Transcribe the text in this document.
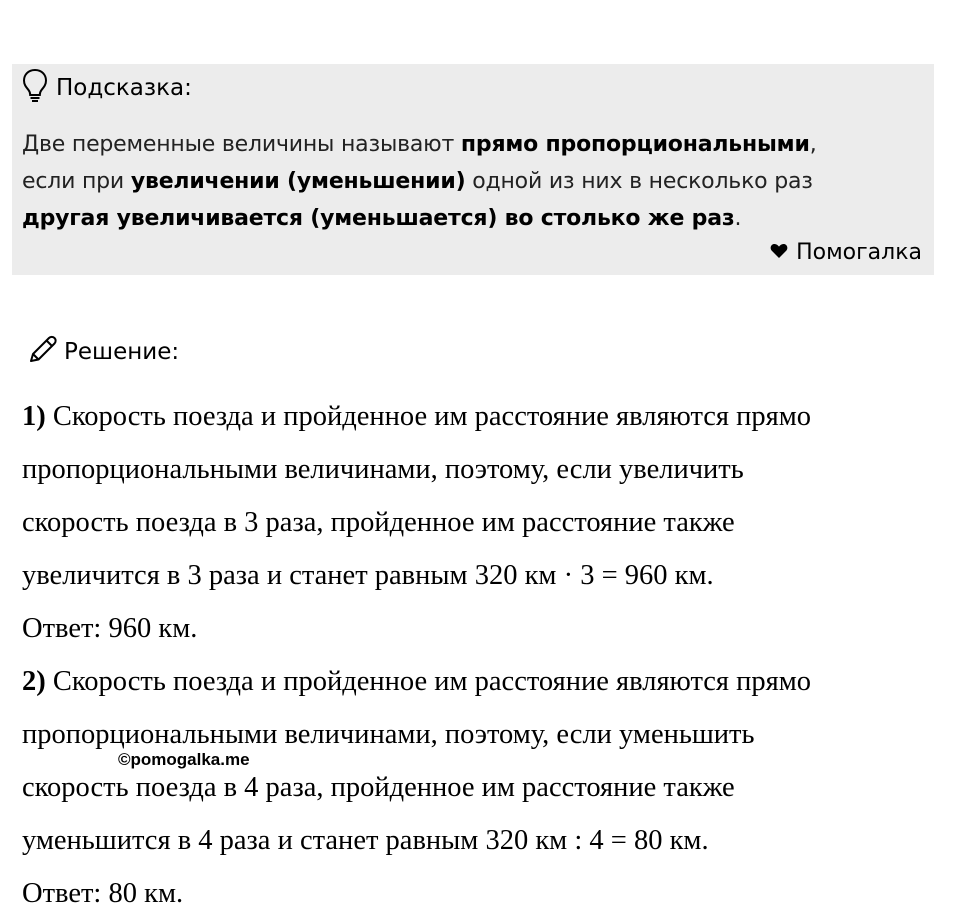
Подсказка:
Две переменные величины называют прямо пропорциональными,
если при увеличении (уменьшении) одной из них в несколько раз
другая увеличивается (уменьшается) во столько же раз.
Помогалка
Решение:

1) Скорость поезда и пройденное им расстояние являются прямо

пропорциональными величинами, поэтому, если увеличить

скорость поезда в 3 раза, пройденное им расстояние также

увеличится в 3 раза и станет равным 320 км · 3 = 960 км.

Ответ: 960 км.

2) Скорость поезда и пройденное им расстояние являются прямо

пропорциональными величинами, поэтому, если уменьшить

скорость поезда в 4 раза, пройденное им расстояние также

уменьшится в 4 раза и станет равным 320 км : 4 = 80 км.

Ответ: 80 км.

©pomogalka.me
